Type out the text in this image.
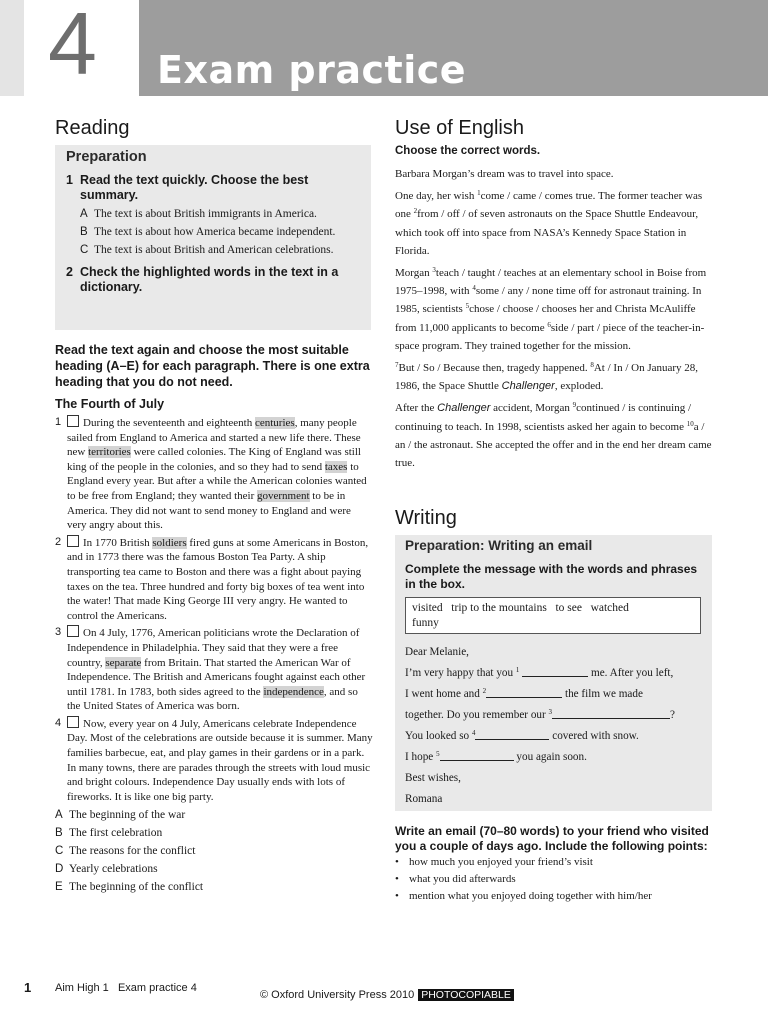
4 Exam practice
Reading
Preparation
1 Read the text quickly. Choose the best summary.
A The text is about British immigrants in America.
B The text is about how America became independent.
C The text is about British and American celebrations.
2 Check the highlighted words in the text in a dictionary.
Read the text again and choose the most suitable heading (A–E) for each paragraph. There is one extra heading that you do not need.
The Fourth of July
1	During the seventeenth and eighteenth centuries, many people sailed from England to America and started a new life there. These new territories were called colonies. The King of England was still king of the people in the colonies, and so they had to send taxes to England every year. But after a while the American colonies wanted to be free from England; they wanted their government to be in America. They did not want to send money to England and were very angry about this.
2	In 1770 British soldiers fired guns at some Americans in Boston, and in 1773 there was the famous Boston Tea Party. A ship transporting tea came to Boston and there was a fight about paying taxes on the tea. Three hundred and forty big boxes of tea went into the water! That made King George III very angry. He wanted to control the Americans.
3	On 4 July, 1776, American politicians wrote the Declaration of Independence in Philadelphia. They said that they were a free country, separate from Britain. That started the American War of Independence. The British and Americans fought against each other until 1781. In 1783, both sides agreed to the independence, and so the United States of America was born.
4	Now, every year on 4 July, Americans celebrate Independence Day. Most of the celebrations are outside because it is summer. Many families barbecue, eat, and play games in their gardens or in a park. In many towns, there are parades through the streets with loud music and bright colours. Independence Day usually ends with lots of fireworks. It is like one big party.
A The beginning of the war
B The first celebration
C The reasons for the conflict
D Yearly celebrations
E The beginning of the conflict
Use of English
Choose the correct words.

Barbara Morgan’s dream was to travel into space.

One day, her wish $^1$come / came / comes true. The former teacher was one $^2$from / off / of seven astronauts on the Space Shuttle Endeavour, which took off into space from NASA’s Kennedy Space Station in Florida.

Morgan $^3$teach / taught / teaches at an elementary school in Boise from 1975–1998, with $^4$some / any / none time off for astronaut training. In 1985, scientists $^5$chose / choose / chooses her and Christa McAuliffe from 11,000 applicants to become $^6$side / part / piece of the teacher-in-space program. They trained together for the mission.

$^7$But / So / Because then, tragedy happened. $^8$At / In / On January 28, 1986, the Space Shuttle Challenger, exploded.

After the Challenger accident, Morgan $^9$continued / is continuing / continuing to teach. In 1998, scientists asked her again to become $^{10}$a / an / the astronaut. She accepted the offer and in the end her dream came true.

Writing
Preparation: Writing an email
Complete the message with the words and phrases in the box.
visited trip to the mountains to see watched
funny

Dear Melanie,

I’m very happy that you $^1$	me. After you left,

I went home and $^2$	the film we made

together. Do you remember our $^3$	?

You looked so $^4$	covered with snow.

I hope $^5$	you again soon.

Best wishes,

Romana

Write an email (70–80 words) to your friend who visited you a couple of days ago. Include the following points:
• how much you enjoyed your friend’s visit
• what you did afterwards
• mention what you enjoyed doing together with him/her
1 Aim High 1 Exam practice 4
© Oxford University Press 2010 PHOTOCOPIABLE
